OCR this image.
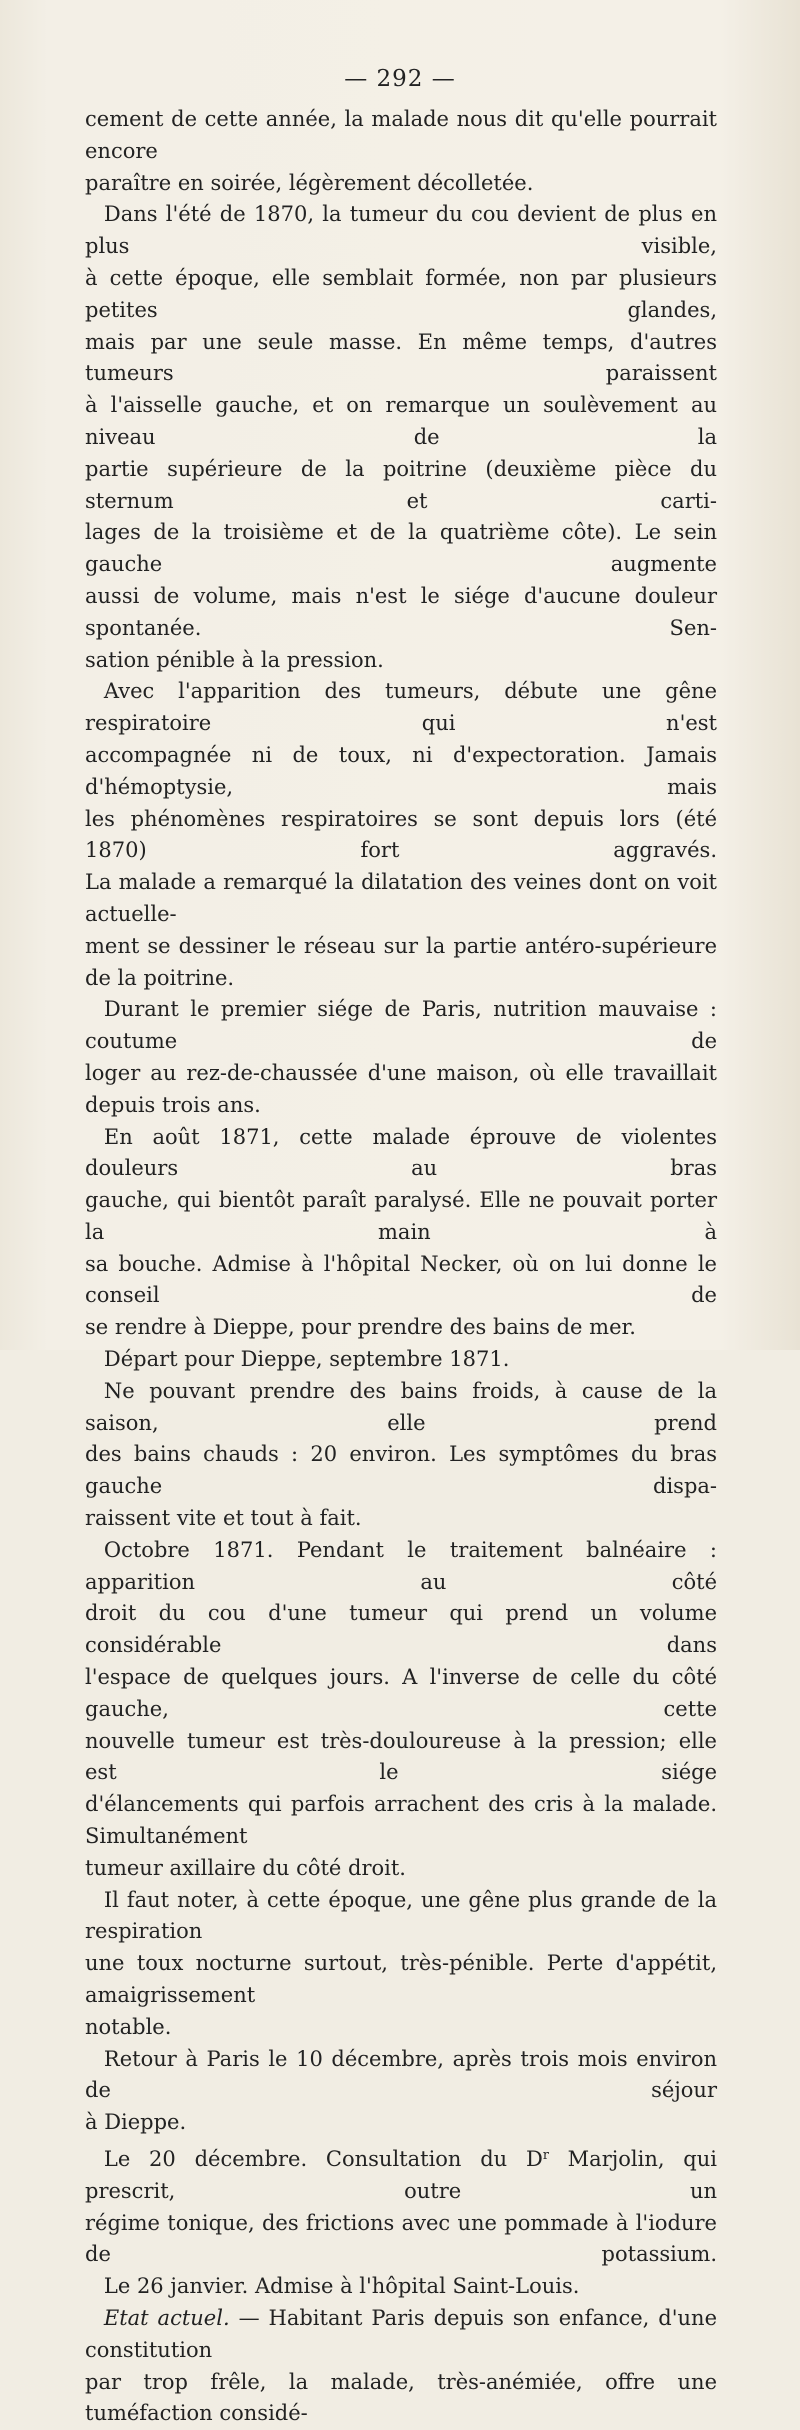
— 292 —

cement de cette année, la malade nous dit qu'elle pourrait encore

paraître en soirée, légèrement décolletée.

Dans l'été de 1870, la tumeur du cou devient de plus en plus visible,

à cette époque, elle semblait formée, non par plusieurs petites glandes,

mais par une seule masse. En même temps, d'autres tumeurs paraissent

à l'aisselle gauche, et on remarque un soulèvement au niveau de la

partie supérieure de la poitrine (deuxième pièce du sternum et carti-

lages de la troisième et de la quatrième côte). Le sein gauche augmente

aussi de volume, mais n'est le siége d'aucune douleur spontanée. Sen-

sation pénible à la pression.

Avec l'apparition des tumeurs, débute une gêne respiratoire qui n'est

accompagnée ni de toux, ni d'expectoration. Jamais d'hémoptysie, mais

les phénomènes respiratoires se sont depuis lors (été 1870) fort aggravés.

La malade a remarqué la dilatation des veines dont on voit actuelle-

ment se dessiner le réseau sur la partie antéro-supérieure de la poitrine.

Durant le premier siége de Paris, nutrition mauvaise : coutume de

loger au rez-de-chaussée d'une maison, où elle travaillait depuis trois ans.

En août 1871, cette malade éprouve de violentes douleurs au bras

gauche, qui bientôt paraît paralysé. Elle ne pouvait porter la main à

sa bouche. Admise à l'hôpital Necker, où on lui donne le conseil de

se rendre à Dieppe, pour prendre des bains de mer.

Départ pour Dieppe, septembre 1871.

Ne pouvant prendre des bains froids, à cause de la saison, elle prend

des bains chauds : 20 environ. Les symptômes du bras gauche dispa-

raissent vite et tout à fait.

Octobre 1871. Pendant le traitement balnéaire : apparition au côté

droit du cou d'une tumeur qui prend un volume considérable dans

l'espace de quelques jours. A l'inverse de celle du côté gauche, cette

nouvelle tumeur est très-douloureuse à la pression; elle est le siége

d'élancements qui parfois arrachent des cris à la malade. Simultanément

tumeur axillaire du côté droit.

Il faut noter, à cette époque, une gêne plus grande de la respiration

une toux nocturne surtout, très-pénible. Perte d'appétit, amaigrissement

notable.

Retour à Paris le 10 décembre, après trois mois environ de séjour

à Dieppe.

Le 20 décembre. Consultation du $D^r$ Marjolin, qui prescrit, outre un

régime tonique, des frictions avec une pommade à l'iodure de potassium.

Le 26 janvier. Admise à l'hôpital Saint-Louis.

Etat actuel. — Habitant Paris depuis son enfance, d'une constitution

par trop frêle, la malade, très-anémiée, offre une tuméfaction considé-
